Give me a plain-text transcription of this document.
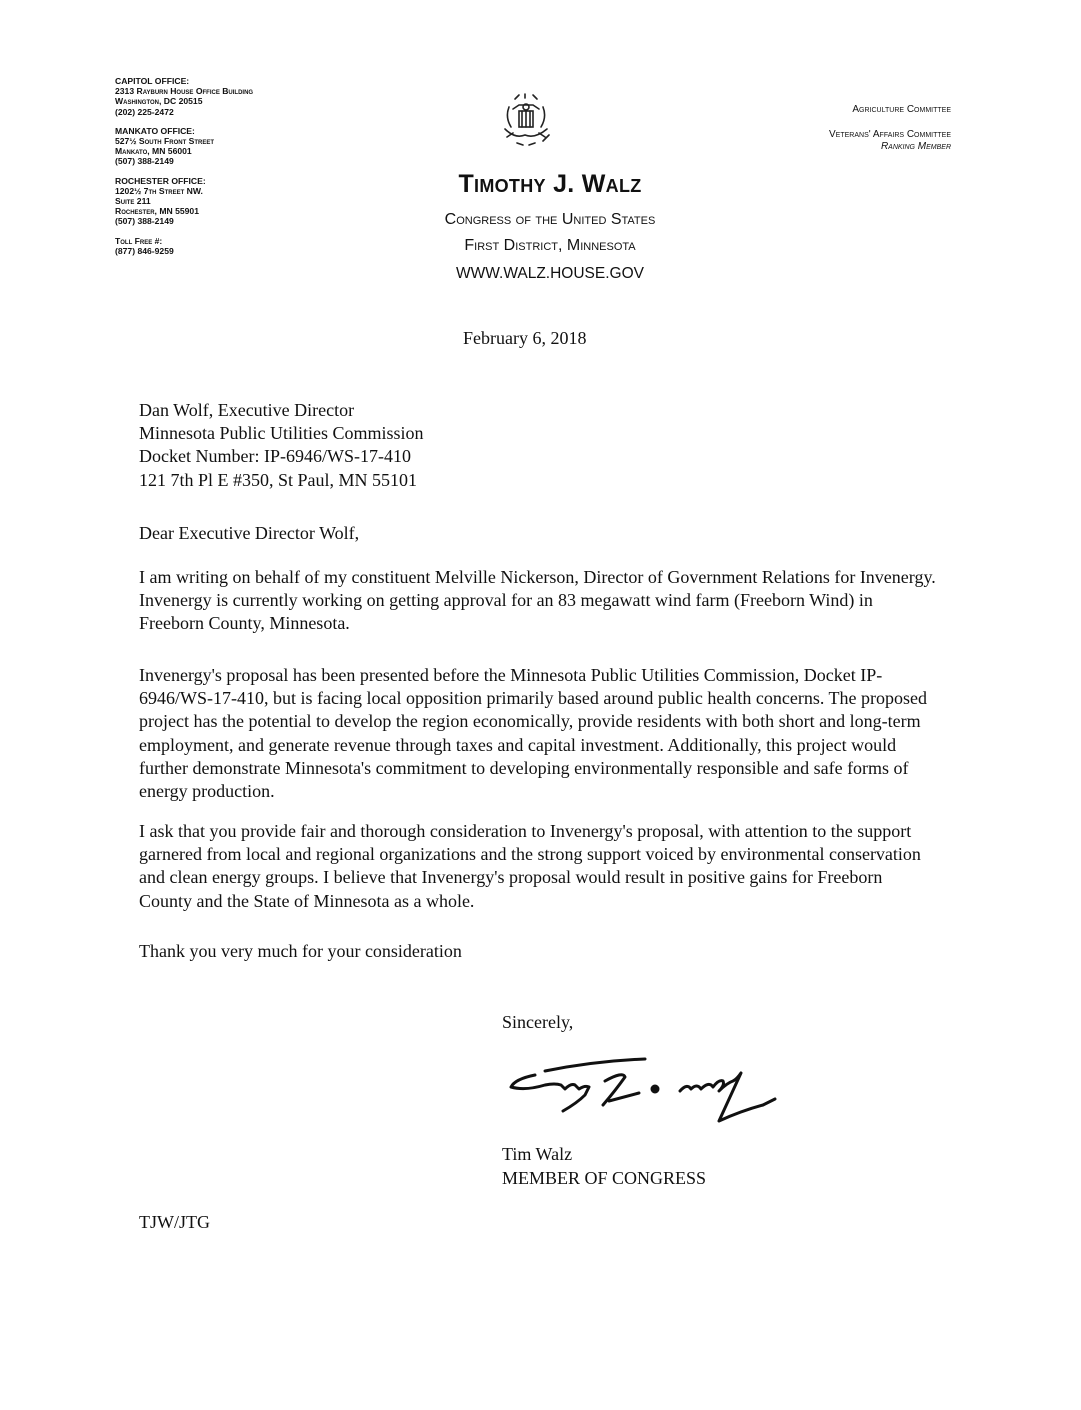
CAPITOL OFFICE:
2313 Rayburn House Office Building
Washington, DC 20515
(202) 225-2472
MANKATO OFFICE:
527½ South Front Street
Mankato, MN 56001
(507) 388-2149
ROCHESTER OFFICE:
1202½ 7th Street NW.
Suite 211
Rochester, MN 55901
(507) 388-2149
Toll Free #:
(877) 846-9259
Agriculture Committee
Veterans' Affairs Committee
Ranking Member
Timothy J. Walz
Congress of the United States
First District, Minnesota
WWW.WALZ.HOUSE.GOV
February 6, 2018
Dan Wolf, Executive Director
Minnesota Public Utilities Commission
Docket Number: IP-6946/WS-17-410
121 7th Pl E #350, St Paul, MN 55101
Dear Executive Director Wolf,

I am writing on behalf of my constituent Melville Nickerson, Director of Government Relations for Invenergy. Invenergy is currently working on getting approval for an 83 megawatt wind farm (Freeborn Wind) in Freeborn County, Minnesota.

Invenergy's proposal has been presented before the Minnesota Public Utilities Commission, Docket IP-6946/WS-17-410, but is facing local opposition primarily based around public health concerns. The proposed project has the potential to develop the region economically, provide residents with both short and long-term employment, and generate revenue through taxes and capital investment. Additionally, this project would further demonstrate Minnesota's commitment to developing environmentally responsible and safe forms of energy production.

I ask that you provide fair and thorough consideration to Invenergy's proposal, with attention to the support garnered from local and regional organizations and the strong support voiced by environmental conservation and clean energy groups. I believe that Invenergy's proposal would result in positive gains for Freeborn County and the State of Minnesota as a whole.

Thank you very much for your consideration

Sincerely,
Tim Walz
MEMBER OF CONGRESS
TJW/JTG
